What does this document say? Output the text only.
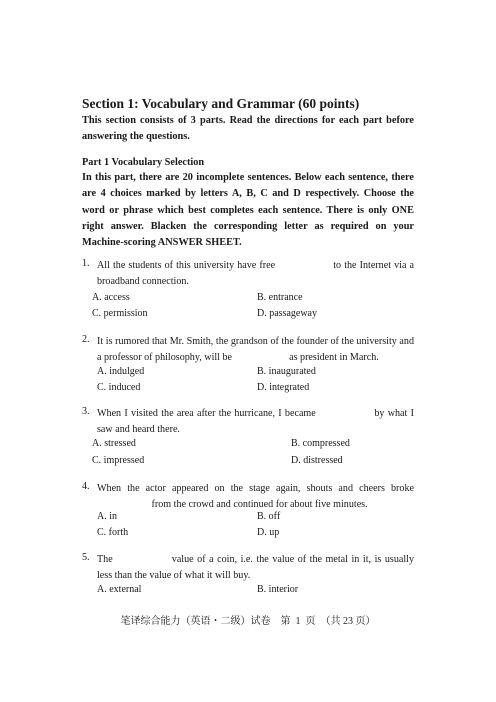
Section 1: Vocabulary and Grammar (60 points)
This section consists of 3 parts. Read the directions for each part before answering the questions.
Part 1 Vocabulary Selection
In this part, there are 20 incomplete sentences. Below each sentence, there are 4 choices marked by letters A, B, C and D respectively. Choose the word or phrase which best completes each sentence. There is only ONE right answer. Blacken the corresponding letter as required on your Machine-scoring ANSWER SHEET.
1. All the students of this university have free	to the Internet via a broadband connection.
A. access	B. entrance
C. permission	D. passageway
2. It is rumored that Mr. Smith, the grandson of the founder of the university and a professor of philosophy, will be	as president in March.
A. indulged	B. inaugurated
C. induced	D. integrated
3. When I visited the area after the hurricane, I became	by what I saw and heard there.
A. stressed	B. compressed
C. impressed	D. distressed
4. When the actor appeared on the stage again, shouts and cheers broke  from the crowd and continued for about five minutes.
A. in	B. off
C. forth	D. up
5. The	value of a coin, i.e. the value of the metal in it, is usually less than the value of what it will buy.
A. external	B. interior
笔译综合能力（英语・二级）试卷    第  1  页  （共 23 页）
